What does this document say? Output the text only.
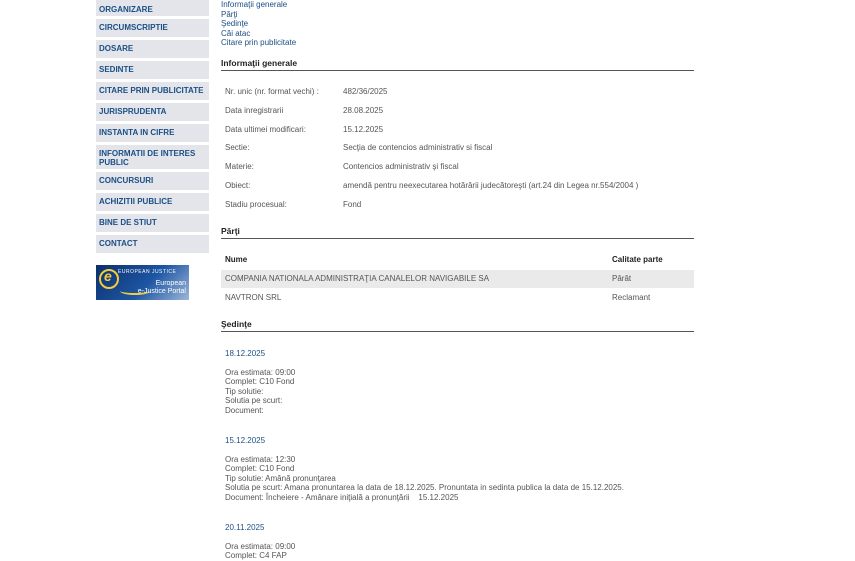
ORGANIZARE
CIRCUMSCRIPTIE
DOSARE
SEDINTE
CITARE PRIN PUBLICITATE
JURISPRUDENTA
INSTANTA IN CIFRE
INFORMATII DE INTERES PUBLIC
CONCURSURI
ACHIZITII PUBLICE
BINE DE STIUT
CONTACT
e EUROPEAN JUSTICE
European
e-Justice Portal
Informaţii generale
Părţi
Şedinţe
Căi atac
Citare prin publicitate
Informaţii generale
Nr. unic (nr. format vechi) :	482/36/2025
Data inregistrarii	28.08.2025
Data ultimei modificari:	15.12.2025
Sectie:	Secţia de contencios administrativ si fiscal
Materie:	Contencios administrativ şi fiscal
Obiect:	amendă pentru neexecutarea hotărârii judecătoreşti (art.24 din Legea nr.554/2004 )
Stadiu procesual:	Fond
Părţi
Nume	Calitate parte
COMPANIA NATIONALA ADMINISTRAŢIA CANALELOR NAVIGABILE SA	Pârât
NAVTRON SRL	Reclamant
Şedinţe
18.12.2025
Ora estimata: 09:00
Complet: C10 Fond
Tip solutie:
Solutia pe scurt:
Document:
15.12.2025
Ora estimata: 12:30
Complet: C10 Fond
Tip solutie: Amână pronunţarea
Solutia pe scurt: Amana pronuntarea la data de 18.12.2025. Pronuntata in sedinta publica la data de 15.12.2025.
Document: Încheiere - Amânare iniţială a pronunţării    15.12.2025
20.11.2025
Ora estimata: 09:00
Complet: C4 FAP
